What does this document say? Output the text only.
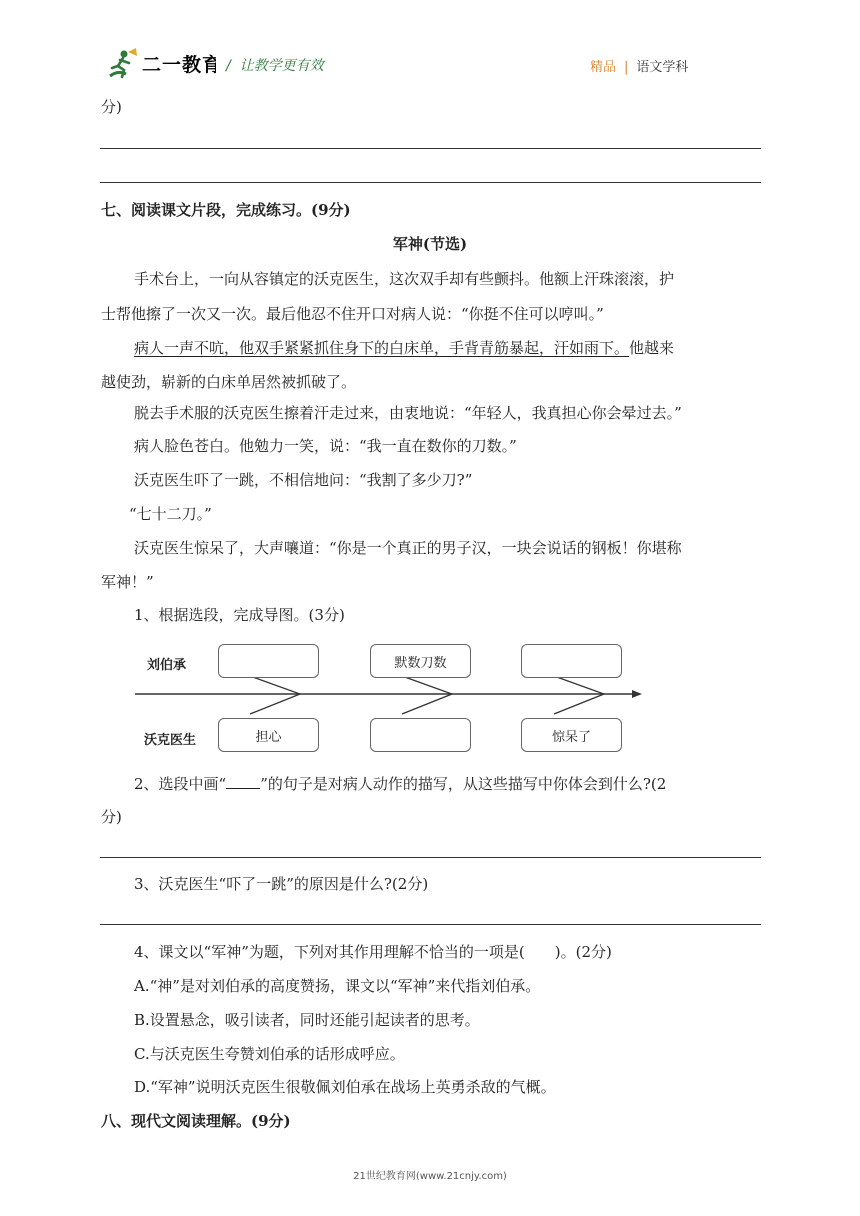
二一教育 /  让教学更有效	精品 | 语文学科
分)
七、阅读课文片段，完成练习。(9分)
军神(节选)
手术台上，一向从容镇定的沃克医生，这次双手却有些颤抖。他额上汗珠滚滚，护
士帮他擦了一次又一次。最后他忍不住开口对病人说：“你挺不住可以哼叫。”
病人一声不吭，他双手紧紧抓住身下的白床单，手背青筋暴起，汗如雨下。他越来
越使劲，崭新的白床单居然被抓破了。
脱去手术服的沃克医生擦着汗走过来，由衷地说：“年轻人，我真担心你会晕过去。”
病人脸色苍白。他勉力一笑，说：“我一直在数你的刀数。”
沃克医生吓了一跳，不相信地问：“我割了多少刀?”
“七十二刀。”
沃克医生惊呆了，大声嚷道：“你是一个真正的男子汉，一块会说话的钢板！你堪称
军神！”
1、根据选段，完成导图。(3分)
刘伯承
沃克医生
默数刀数
担心	惊呆了
2、选段中画“ ”的句子是对病人动作的描写，从这些描写中你体会到什么?(2
分)
3、沃克医生“吓了一跳”的原因是什么?(2分)
4、课文以“军神”为题，下列对其作用理解不恰当的一项是(　　)。(2分)
A.“神”是对刘伯承的高度赞扬，课文以“军神”来代指刘伯承。
B.设置悬念，吸引读者，同时还能引起读者的思考。
C.与沃克医生夸赞刘伯承的话形成呼应。
D.“军神”说明沃克医生很敬佩刘伯承在战场上英勇杀敌的气概。
八、现代文阅读理解。(9分)
21世纪教育网(www.21cnjy.com)
